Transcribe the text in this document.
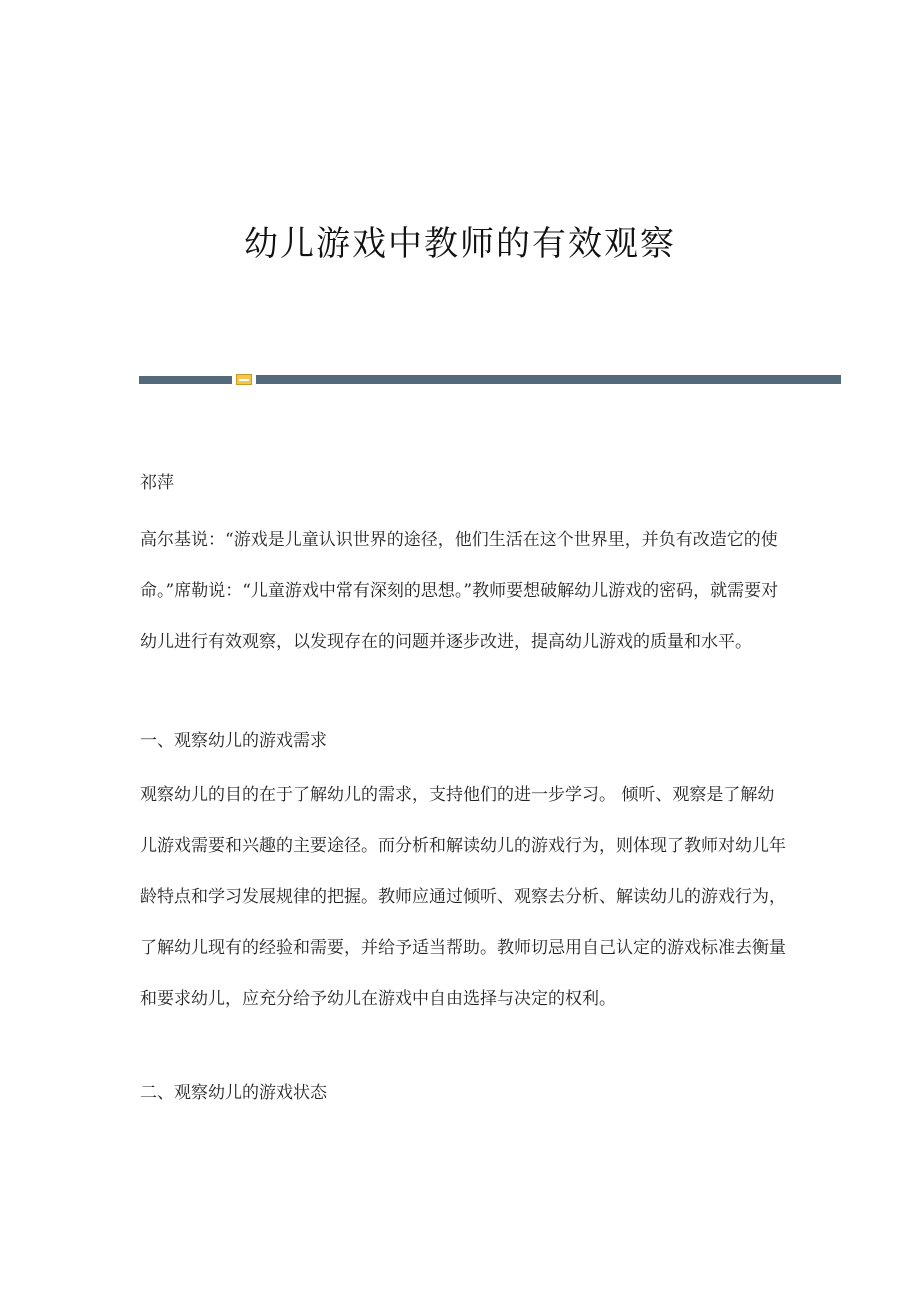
幼儿游戏中教师的有效观察

祁萍

高尔基说：“游戏是儿童认识世界的途径，他们生活在这个世界里，并负有改造它的使命。”席勒说：“儿童游戏中常有深刻的思想。”教师要想破解幼儿游戏的密码，就需要对幼儿进行有效观察，以发现存在的问题并逐步改进，提高幼儿游戏的质量和水平。

一、观察幼儿的游戏需求

观察幼儿的目的在于了解幼儿的需求，支持他们的进一步学习。 倾听、观察是了解幼儿游戏需要和兴趣的主要途径。而分析和解读幼儿的游戏行为，则体现了教师对幼儿年龄特点和学习发展规律的把握。教师应通过倾听、观察去分析、解读幼儿的游戏行为，了解幼儿现有的经验和需要，并给予适当帮助。教师切忌用自己认定的游戏标准去衡量和要求幼儿，应充分给予幼儿在游戏中自由选择与决定的权利。

二、观察幼儿的游戏状态
